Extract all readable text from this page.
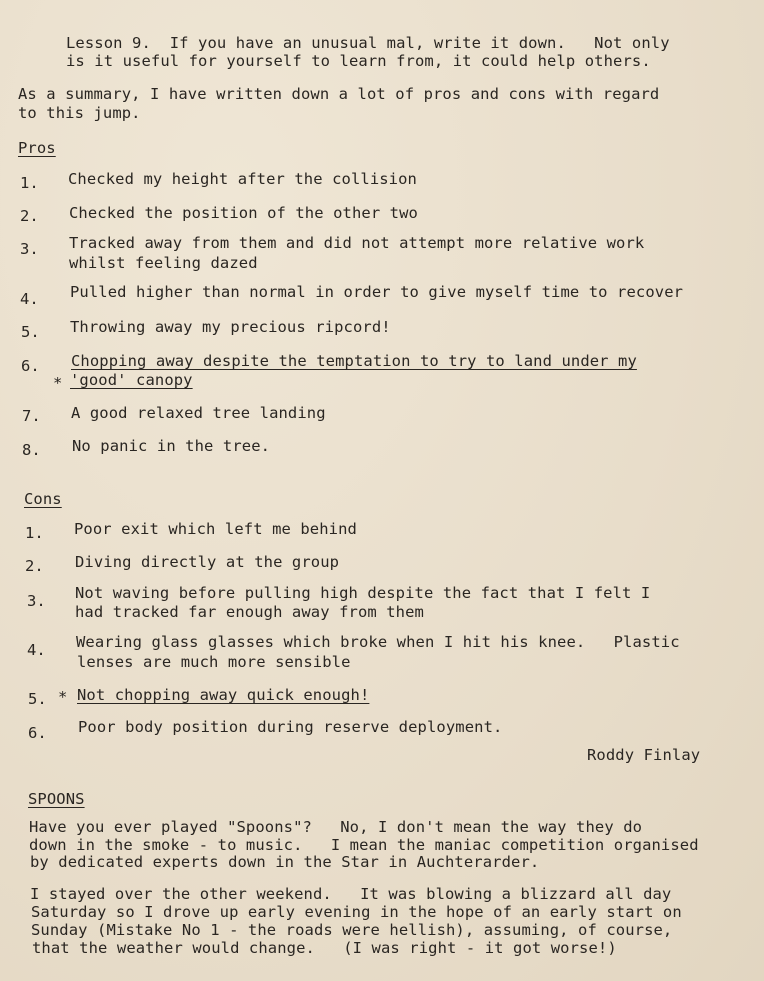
Lesson 9.  If you have an unusual mal, write it down.   Not only
is it useful for yourself to learn from, it could help others.
As a summary, I have written down a lot of pros and cons with regard
to this jump.
Pros
1. Checked my height after the collision
2. Checked the position of the other two
3. Tracked away from them and did not attempt more relative work
whilst feeling dazed
4. Pulled higher than normal in order to give myself time to recover
5. Throwing away my precious ripcord!
6. Chopping away despite the temptation to try to land under my
* 'good' canopy
7. A good relaxed tree landing
8. No panic in the tree.
Cons
1. Poor exit which left me behind
2. Diving directly at the group
3. Not waving before pulling high despite the fact that I felt I
had tracked far enough away from them
4. Wearing glass glasses which broke when I hit his knee.   Plastic
lenses are much more sensible
5. * Not chopping away quick enough!
6. Poor body position during reserve deployment.
Roddy Finlay
SPOONS
Have you ever played "Spoons"?   No, I don't mean the way they do
down in the smoke - to music.   I mean the maniac competition organised
by dedicated experts down in the Star in Auchterarder.
I stayed over the other weekend.   It was blowing a blizzard all day
Saturday so I drove up early evening in the hope of an early start on
Sunday (Mistake No 1 - the roads were hellish), assuming, of course,
that the weather would change.   (I was right - it got worse!)
